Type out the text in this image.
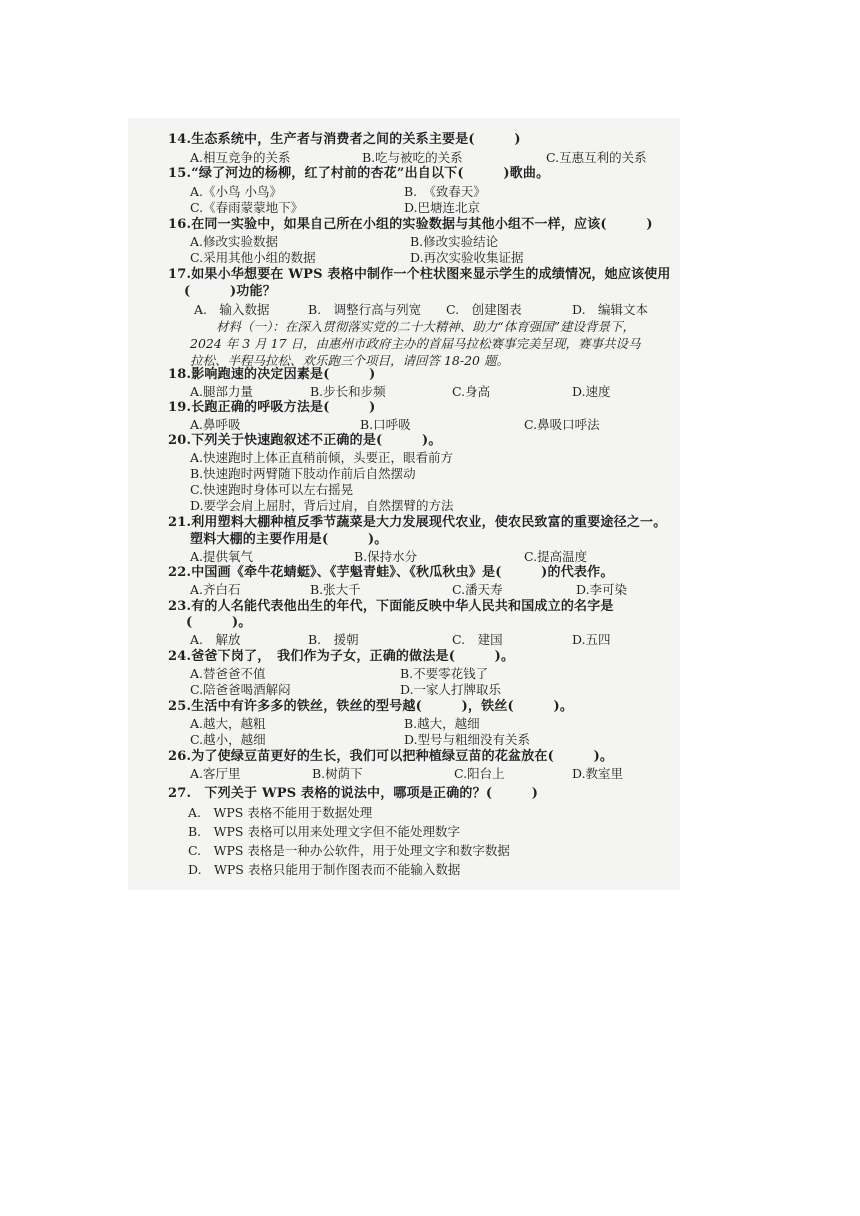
14.生态系统中，生产者与消费者之间的关系主要是(　　　)
A.相互竞争的关系	B.吃与被吃的关系	C.互惠互利的关系
15.“绿了河边的杨柳，红了村前的杏花”出自以下(　　　)歌曲。
A.《小鸟 小鸟》	B.　《致春天》
C.《春雨蒙蒙地下》	D.巴塘连北京
16.在同一实验中，如果自己所在小组的实验数据与其他小组不一样，应该(　　　)
A.修改实验数据	B.修改实验结论
C.采用其他小组的数据	D.再次实验收集证据
17.如果小华想要在 WPS 表格中制作一个柱状图来显示学生的成绩情况，她应该使用
(　　　)功能？
A.　输入数据	B.　调整行高与列宽 C.　创建图表	D.　编辑文本
材料（一）：在深入贯彻落实党的二十大精神、助力“体育强国”建设背景下，
2024 年 3 月 17 日，由惠州市政府主办的首届马拉松赛事完美呈现，赛事共设马
拉松、半程马拉松、欢乐跑三个项目，请回答 18-20 题。
18.影响跑速的决定因素是(　　　)
A.腿部力量	B.步长和步频	C.身高	D.速度
19.长跑正确的呼吸方法是(　　　)
A.鼻呼吸	B.口呼吸	C.鼻吸口呼法
20.下列关于快速跑叙述不正确的是(　　　)。
A.快速跑时上体正直稍前倾，头要正，眼看前方
B.快速跑时两臂随下肢动作前后自然摆动
C.快速跑时身体可以左右摇晃
D.要学会肩上屈肘，背后过肩，自然摆臂的方法
21.利用塑料大棚种植反季节蔬菜是大力发展现代农业，使农民致富的重要途径之一。
塑料大棚的主要作用是(　　　)。
A.提供氧气	B.保持水分	C.提高温度
22.中国画《牵牛花蜻蜓》、《芋魁青蛙》、《秋瓜秋虫》是(　　　)的代表作。
A.齐白石	B.张大千	C.潘天寿	D.李可染
23.有的人名能代表他出生的年代，下面能反映中华人民共和国成立的名字是
(　　　)。
A.　解放	B.　援朝	C.　建国	D.五四
24.爸爸下岗了，　我们作为子女，正确的做法是(　　　)。
A.替爸爸不值	B.不要零花钱了
C.陪爸爸喝酒解闷	D.一家人打牌取乐
25.生活中有许多多的铁丝，铁丝的型号越(　　　)，铁丝(　　　)。
A.越大，越粗	B.越大，越细
C.越小，越细	D.型号与粗细没有关系
26.为了使绿豆苗更好的生长，我们可以把种植绿豆苗的花盆放在(　　　)。
A.客厅里	B.树荫下	C.阳台上	D.教室里
27.　下列关于 WPS 表格的说法中，哪项是正确的？(　　　)
A.　WPS 表格不能用于数据处理
B.　WPS 表格可以用来处理文字但不能处理数字
C.　WPS 表格是一种办公软件，用于处理文字和数字数据
D.　WPS 表格只能用于制作图表而不能输入数据
